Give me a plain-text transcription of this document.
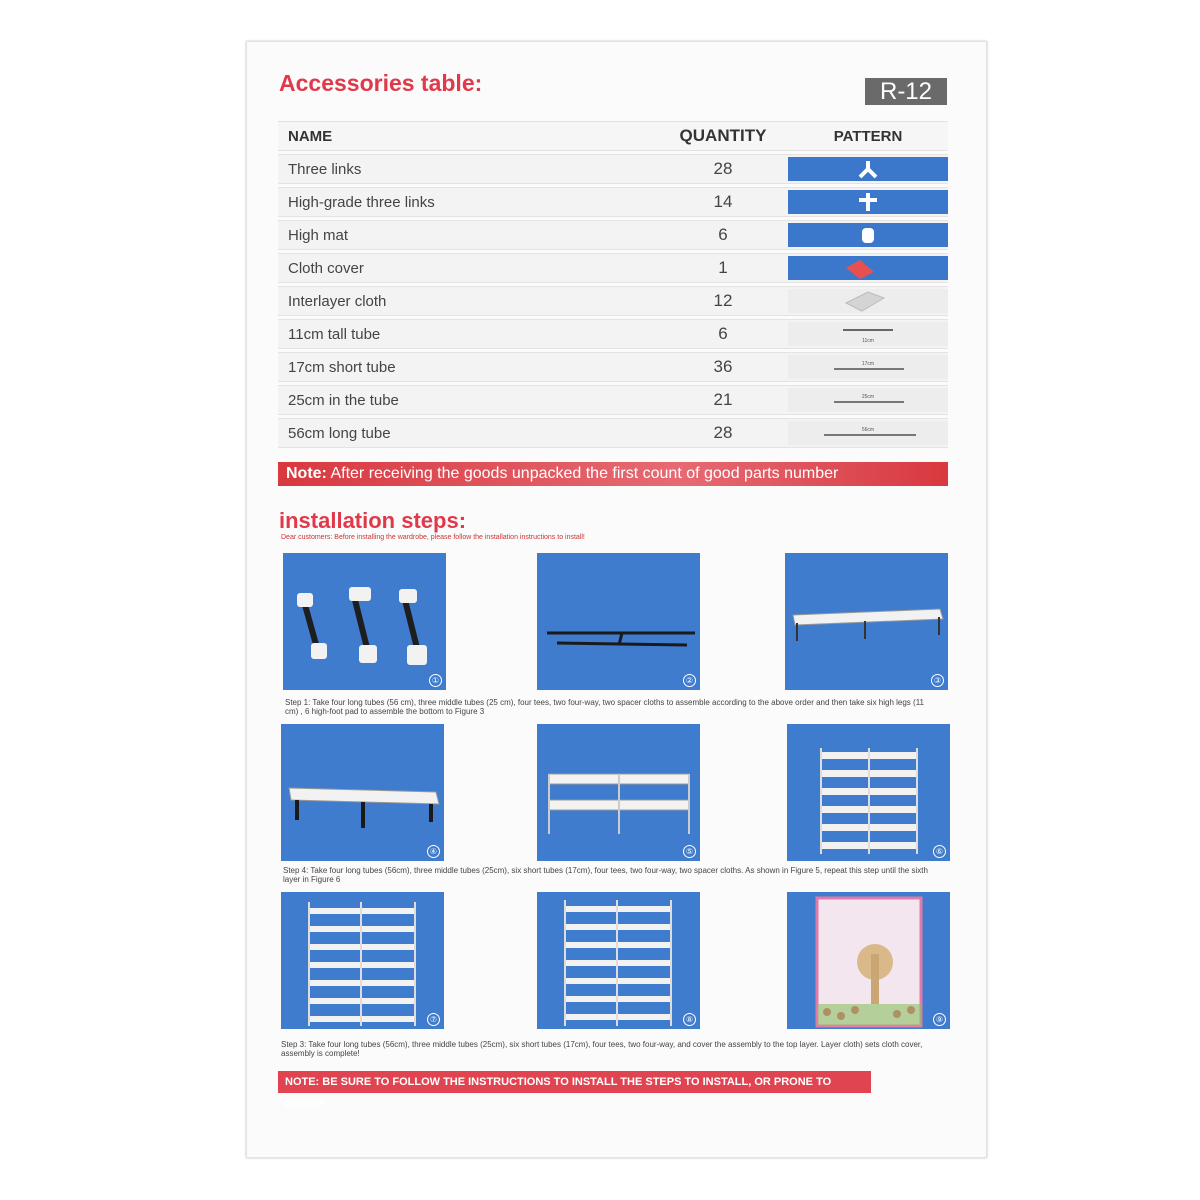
Accessories table:	R-12
NAME	QUANTITY	PATTERN
Three links	28	

High-grade three links	14	

High mat	6	

Cloth cover	1	

Interlayer cloth	12	

11cm tall tube	6	11cm

17cm short tube	36	17cm

25cm in the tube	21	25cm

56cm long tube	28	56cm
Note: After receiving the goods unpacked the first count of good parts number
installation steps:
Dear customers: Before installing the wardrobe, please follow the installation instructions to install!
①	②	③
Step 1: Take four long tubes (56 cm), three middle tubes (25 cm), four tees, two four-way, two spacer cloths to assemble according to the above order and then take six high legs (11 cm) , 6 high-foot pad to assemble the bottom to Figure 3
④	⑤	⑥
Step 4: Take four long tubes (56cm), three middle tubes (25cm), six short tubes (17cm), four tees, two four-way, two spacer cloths. As shown in Figure 5, repeat this step until the sixth layer in Figure 6
⑦	⑧	⑨
Step 3: Take four long tubes (56cm), three middle tubes (25cm), six short tubes (17cm), four tees, two four-way, and cover the assembly to the top layer. Layer cloth) sets cloth cover, assembly is complete!
NOTE: BE SURE TO FOLLOW THE INSTRUCTIONS TO INSTALL THE STEPS TO INSTALL, OR PRONE TO ERROR
